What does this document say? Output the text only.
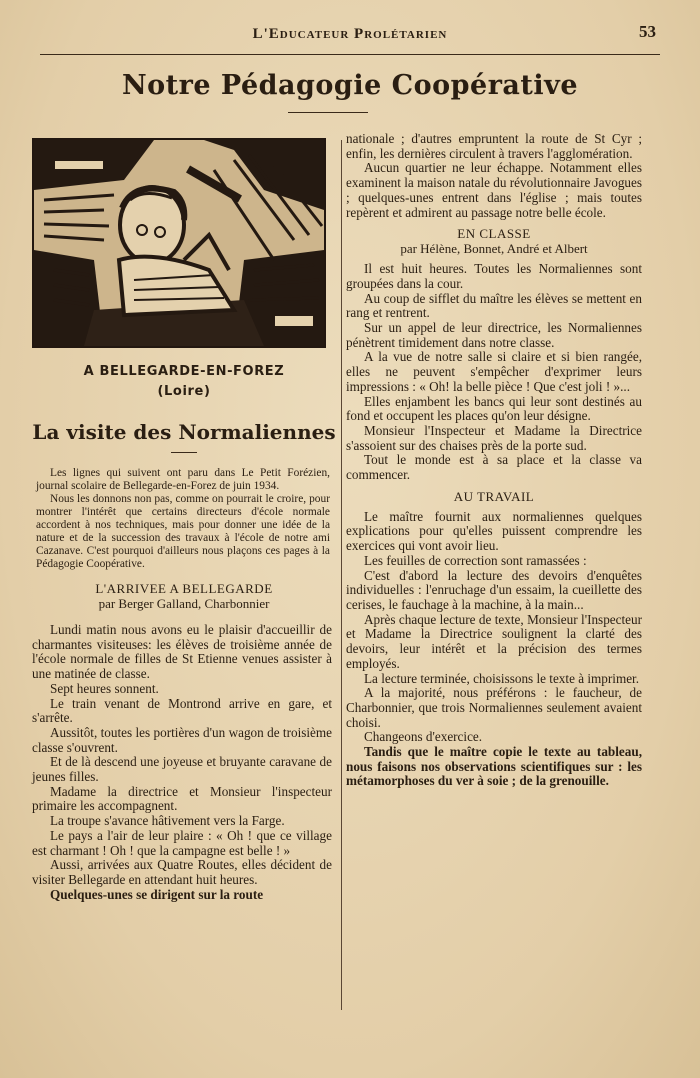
L'Educateur Prolétarien	53
Notre Pédagogie Coopérative
A BELLEGARDE-EN-FOREZ
(Loire)
La visite des Normaliennes

Les lignes qui suivent ont paru dans Le Petit Forézien, journal scolaire de Bellegarde-en-Forez de juin 1934.

Nous les donnons non pas, comme on pourrait le croire, pour montrer l'intérêt que certains directeurs d'école normale accordent à nos techniques, mais pour donner une idée de la nature et de la succession des travaux à l'école de notre ami Cazanave. C'est pourquoi d'ailleurs nous plaçons ces pages à la Pédagogie Coopérative.

L'ARRIVEE A BELLEGARDE
par Berger Galland, Charbonnier

Lundi matin nous avons eu le plaisir d'accueillir de charmantes visiteuses: les élèves de troisième année de l'école normale de filles de St Etienne venues assister à une matinée de classe.

Sept heures sonnent.

Le train venant de Montrond arrive en gare, et s'arrête.

Aussitôt, toutes les portières d'un wagon de troisième classe s'ouvrent.

Et de là descend une joyeuse et bruyante caravane de jeunes filles.

Madame la directrice et Monsieur l'inspecteur primaire les accompagnent.

La troupe s'avance hâtivement vers la Farge.

Le pays a l'air de leur plaire : « Oh ! que ce village est charmant ! Oh ! que la campagne est belle ! »

Aussi, arrivées aux Quatre Routes, elles décident de visiter Bellegarde en attendant huit heures.

Quelques-unes se dirigent sur la route

nationale ; d'autres empruntent la route de St Cyr ; enfin, les dernières circulent à travers l'agglomération.

Aucun quartier ne leur échappe. Notamment elles examinent la maison natale du révolutionnaire Javogues ; quelques-unes entrent dans l'église ; mais toutes repèrent et admirent au passage notre belle école.

EN CLASSE
par Hélène, Bonnet, André et Albert

Il est huit heures. Toutes les Normaliennes sont groupées dans la cour.

Au coup de sifflet du maître les élèves se mettent en rang et rentrent.

Sur un appel de leur directrice, les Normaliennes pénètrent timidement dans notre classe.

A la vue de notre salle si claire et si bien rangée, elles ne peuvent s'empêcher d'exprimer leurs impressions : « Oh! la belle pièce ! Que c'est joli ! »...

Elles enjambent les bancs qui leur sont destinés au fond et occupent les places qu'on leur désigne.

Monsieur l'Inspecteur et Madame la Directrice s'assoient sur des chaises près de la porte sud.

Tout le monde est à sa place et la classe va commencer.

AU TRAVAIL

Le maître fournit aux normaliennes quelques explications pour qu'elles puissent comprendre les exercices qui vont avoir lieu.

Les feuilles de correction sont ramassées :

C'est d'abord la lecture des devoirs d'enquêtes individuelles : l'enruchage d'un essaim, la cueillette des cerises, le fauchage à la machine, à la main...

Après chaque lecture de texte, Monsieur l'Inspecteur et Madame la Directrice soulignent la clarté des devoirs, leur intérêt et la précision des termes employés.

La lecture terminée, choisissons le texte à imprimer.

A la majorité, nous préférons : le faucheur, de Charbonnier, que trois Normaliennes seulement avaient choisi.

Changeons d'exercice.

Tandis que le maître copie le texte au tableau, nous faisons nos observations scientifiques sur : les métamorphoses du ver à soie ; de la grenouille.
